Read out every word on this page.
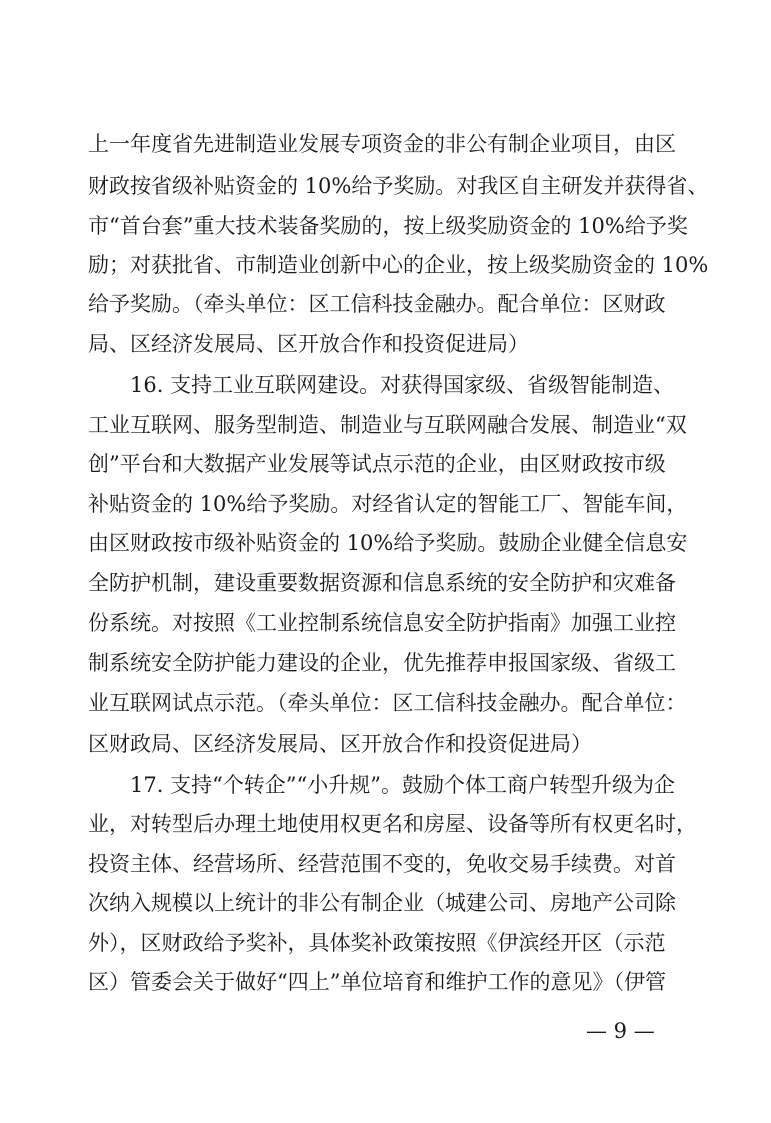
上一年度省先进制造业发展专项资金的非公有制企业项目，由区
财政按省级补贴资金的 10%给予奖励。对我区自主研发并获得省、
市“首台套”重大技术装备奖励的，按上级奖励资金的 10%给予奖
励；对获批省、市制造业创新中心的企业，按上级奖励资金的 10%
给予奖励。（牵头单位：区工信科技金融办。配合单位：区财政
局、区经济发展局、区开放合作和投资促进局）
16. 支持工业互联网建设。对获得国家级、省级智能制造、
工业互联网、服务型制造、制造业与互联网融合发展、制造业“双
创”平台和大数据产业发展等试点示范的企业，由区财政按市级
补贴资金的 10%给予奖励。对经省认定的智能工厂、智能车间，
由区财政按市级补贴资金的 10%给予奖励。鼓励企业健全信息安
全防护机制，建设重要数据资源和信息系统的安全防护和灾难备
份系统。对按照《工业控制系统信息安全防护指南》加强工业控
制系统安全防护能力建设的企业，优先推荐申报国家级、省级工
业互联网试点示范。（牵头单位：区工信科技金融办。配合单位：
区财政局、区经济发展局、区开放合作和投资促进局）
17. 支持“个转企”“小升规”。鼓励个体工商户转型升级为企
业，对转型后办理土地使用权更名和房屋、设备等所有权更名时，
投资主体、经营场所、经营范围不变的，免收交易手续费。对首
次纳入规模以上统计的非公有制企业（城建公司、房地产公司除
外），区财政给予奖补，具体奖补政策按照《伊滨经开区（示范
区）管委会关于做好“四上”单位培育和维护工作的意见》（伊管
— 9 —
